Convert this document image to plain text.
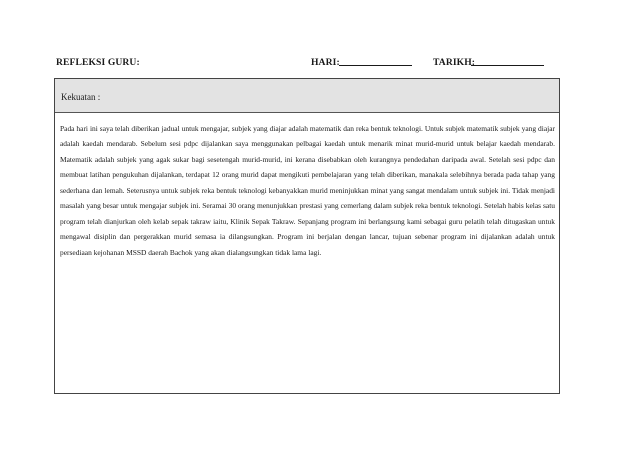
REFLEKSI GURU:	HARI:	TARIKH:
Kekuatan :

Pada hari ini saya telah diberikan jadual untuk mengajar, subjek yang diajar adalah matematik dan reka bentuk teknologi. Untuk subjek matematik subjek yang diajar adalah kaedah mendarab. Sebelum sesi pdpc dijalankan saya menggunakan pelbagai kaedah untuk menarik minat murid-murid untuk belajar kaedah mendarab. Matematik adalah subjek yang agak sukar bagi sesetengah murid-murid, ini kerana disebabkan oleh kurangnya pendedahan daripada awal. Setelah sesi pdpc dan membuat latihan pengukuhan dijalankan, terdapat 12 orang murid dapat mengikuti pembelajaran yang telah diberikan, manakala selebihnya berada pada tahap yang sederhana dan lemah. Seterusnya untuk subjek reka bentuk teknologi kebanyakkan murid meninjukkan minat yang sangat mendalam untuk subjek ini. Tidak menjadi masalah yang besar untuk mengajar subjek ini. Seramai 30 orang menunjukkan prestasi yang cemerlang dalam subjek reka bentuk teknologi. Setelah habis kelas satu program telah dianjurkan oleh kelab sepak takraw iaitu, Klinik Sepak Takraw. Sepanjang program ini berlangsung kami sebagai guru pelatih telah ditugaskan untuk mengawal disiplin dan pergerakkan murid semasa ia dilangsungkan. Program ini berjalan dengan lancar, tujuan sebenar program ini dijalankan adalah untuk persediaan kejohanan MSSD daerah Bachok yang akan dialangsungkan tidak lama lagi.
